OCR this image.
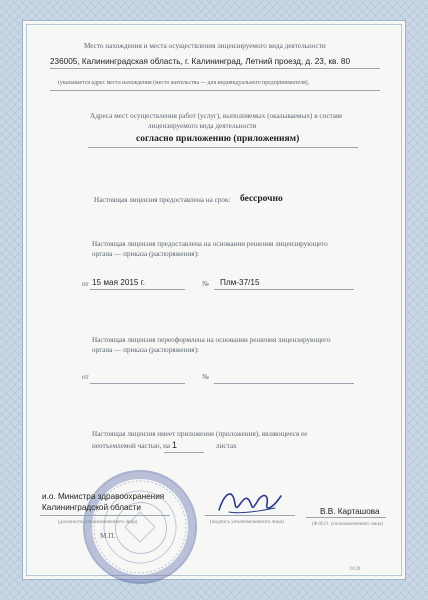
Место нахождения и места осуществления лицензируемого вида деятельности
236005, Калининградская область, г. Калининград, Летний проезд, д. 23, кв. 80
(указывается адрес места нахождения (место жительства — для индивидуального предпринимателя),
Адреса мест осуществления работ (услуг), выполняемых (оказываемых) в составе
лицензируемого вида деятельности
согласно приложению (приложениям)
Настоящая лицензия предоставлена на срок: бессрочно
Настоящая лицензия предоставлена на основании решения лицензирующего
органа — приказа (распоряжения):
от 15 мая 2015 г.	№ Плм-37/15
Настоящая лицензия переоформлена на основании решения лицензирующего
органа — приказа (распоряжения):
от	№
Настоящая лицензия имеет приложение (приложения), являющееся ее
неотъемлемой частью, на 1	листах
и.о. Министра здравоохранения
Калининградской области
(должность уполномоченного лица)	(подпись уполномоченного лица)
В.В. Карташова
(Ф.И.О. уполномоченного лица)
М.П.
0129
